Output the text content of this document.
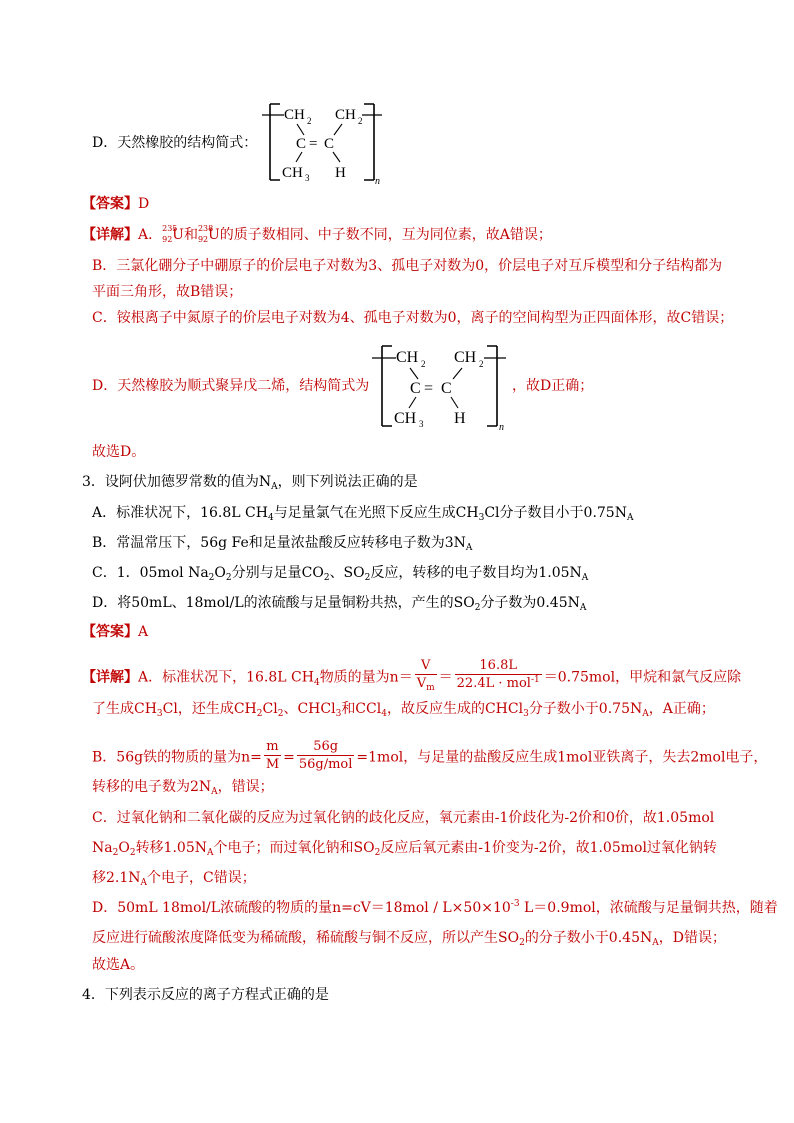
D．天然橡胶的结构简式：
CH 2 CH 2
C = C
CH 3 H
n
【答案】D
【详解】A． 235
92 U和 238
92 U的质子数相同、中子数不同，互为同位素，故A错误；
B．三氯化硼分子中硼原子的价层电子对数为3、孤电子对数为0，价层电子对互斥模型和分子结构都为
平面三角形，故B错误；
C．铵根离子中氮原子的价层电子对数为4、孤电子对数为0，离子的空间构型为正四面体形，故C错误；
D．天然橡胶为顺式聚异戊二烯，结构简式为
CH 2 CH 2
C = C
CH 3 H
n
，故D正确；
故选D。
3．设阿伏加德罗常数的值为$N_A$，则下列说法正确的是
A．标准状况下，16.8L $CH_4$与足量氯气在光照下反应生成$CH_3Cl$分子数目小于$0.75N_A$
B．常温常压下，56g Fe和足量浓盐酸反应转移电子数为$3N_A$
C．1．05mol $Na_2O_2$分别与足量$CO_2$、$SO_2$反应，转移的电子数目均为$1.05N_A$
D．将50mL、18mol/L的浓硫酸与足量铜粉共热，产生的$SO_2$分子数为$0.45N_A$
【答案】A
【详解】A．标准状况下，16.8L $CH_4$物质的量为$n= \frac{V}{V_m} = \frac{16.8L}{22.4L \cdot mol^{-1}} =0.75mol$，甲烷和氯气反应除
了生成$CH_3Cl$，还生成$CH_2Cl_2$、CHCl$_3$和CCl$_4$，故反应生成的CHCl$_3$分子数小于$0.75N_A$，A正确；
B．56g铁的物质的量为$n= \frac{m}{M} = \frac{56g}{\text{56g/mol}} =1mol$，与足量的盐酸反应生成1mol亚铁离子，失去2mol电子，
转移的电子数为$2N_A$，错误；
C．过氧化钠和二氧化碳的反应为过氧化钠的歧化反应，氧元素由-1价歧化为-2价和0价，故1.05mol
$Na_2O_2$转移$1.05N_A$个电子；而过氧化钠和$SO_2$反应后氧元素由-1价变为-2价，故1.05mol过氧化钠转
移$2.1N_A$个电子，C错误；
D．50mL 18mol/L浓硫酸的物质的量$n=cV=18mol / L\times 50\times 10^{-3}$ L＝0.9mol，浓硫酸与足量铜共热，随着
反应进行硫酸浓度降低变为稀硫酸，稀硫酸与铜不反应，所以产生$SO_2$的分子数小于$0.45N_A$，D错误；
故选A。
4．下列表示反应的离子方程式正确的是
